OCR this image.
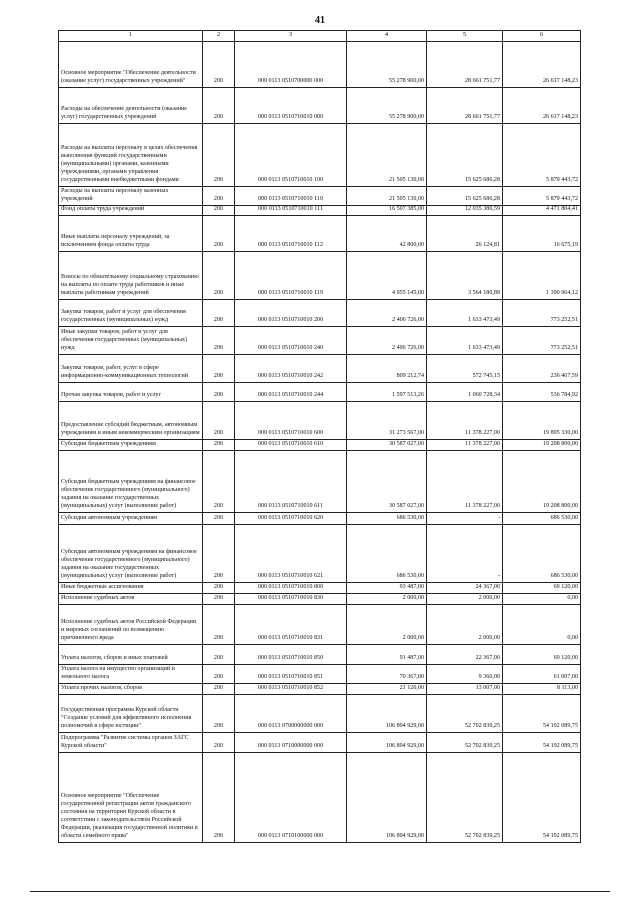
41
1	2	3	4	5	6
Основное мероприятие "Обеспечение деятельности (оказание услуг) государственных учреждений"	200	000 0113 0510700000 000	55 278 900,00	28 661 751,77	26 617 148,23
Расходы на обеспечение деятельности (оказание услуг) государственных учреждений	200	000 0113 0510710010 000	55 278 900,00	28 661 751,77	26 617 148,23
Расходы на выплаты персоналу в целях обеспечения выполнения функций государственными (муниципальными) органами, казенными учреждениями, органами управления государственными внебюджетными фондами	200	000 0113 0510710010 100	21 505 130,00	15 625 686,28	5 879 443,72
Расходы на выплаты персоналу казенных учреждений	200	000 0113 0510710010 110	21 505 130,00	15 625 686,28	5 879 443,72
Фонд оплаты труда учреждений	200	000 0113 0510710010 111	16 507 385,00	12 035 380,59	4 471 804,41
Иные выплаты персоналу учреждений, за исключением фонда оплаты труда	200	000 0113 0510710010 112	42 800,00	26 124,81	16 675,19
Взносы по обязательному социальному страхованию на выплаты по оплате труда работников и иные выплаты работникам учреждений	200	000 0113 0510710010 119	4 955 145,00	3 564 180,88	1 390 964,12
Закупка товаров, работ и услуг для обеспечения государственных (муниципальных) нужд	200	000 0113 0510710010 200	2 406 726,00	1 633 473,49	773 252,51
Иные закупки товаров, работ и услуг для обеспечения государственных (муниципальных) нужд	200	000 0113 0510710010 240	2 406 726,00	1 633 473,49	773 252,51
Закупка товаров, работ, услуг в сфере информационно-коммуникационных технологий	200	000 0113 0510710010 242	809 212,74	572 745,15	236 467,59
Прочая закупка товаров, работ и услуг	200	000 0113 0510710010 244	1 597 513,26	1 060 728,34	536 784,92
Предоставление субсидий бюджетным, автономным учреждениям и иным некоммерческим организациям	200	000 0113 0510710010 600	31 273 567,00	11 378 227,00	19 895 330,00
Субсидии бюджетным учреждениям	200	000 0113 0510710010 610	30 587 027,00	11 378 227,00	19 208 800,00
Субсидии бюджетным учреждениям на финансовое обеспечение государственного (муниципального) задания на оказание государственных (муниципальных) услуг (выполнение работ)	200	000 0113 0510710010 611	30 587 027,00	11 378 227,00	19 208 800,00
Субсидии автономным учреждениям	200	000 0113 0510710010 620	686 530,00	-	686 530,00
Субсидии автономным учреждениям на финансовое обеспечение государственного (муниципального) задания на оказание государственных (муниципальных) услуг (выполнение работ)	200	000 0113 0510710010 621	686 530,00	-	686 530,00
Иные бюджетные ассигнования	200	000 0113 0510710010 800	93 487,00	24 367,00	69 120,00
Исполнение судебных актов	200	000 0113 0510710010 830	2 000,00	2 000,00	0,00
Исполнение судебных актов Российской Федерации и мировых соглашений по возмещению причиненного вреда	200	000 0113 0510710010 831	2 000,00	2 000,00	0,00
Уплата налогов, сборов и иных платежей	200	000 0113 0510710010 850	91 487,00	22 367,00	69 120,00
Уплата налога на имущество организаций и земельного налога	200	000 0113 0510710010 851	70 367,00	9 360,00	61 007,00
Уплата прочих налогов, сборов	200	000 0113 0510710010 852	21 120,00	13 007,00	8 113,00
Государственная программа Курской области "Создание условий для эффективного исполнения полномочий в сфере юстиции"	200	000 0113 0700000000 000	106 894 929,00	52 702 839,25	54 192 089,75
Подпрограмма "Развитие системы органов ЗАГС Курской области"	200	000 0113 0710000000 000	106 894 929,00	52 702 839,25	54 192 089,75
Основное мероприятие "Обеспечение государственной регистрации актов гражданского состояния на территории Курской области в соответствии с законодательством Российской Федерации, реализация государственной политики в области семейного права"	200	000 0113 0710100000 000	106 894 929,00	52 702 839,25	54 192 089,75
